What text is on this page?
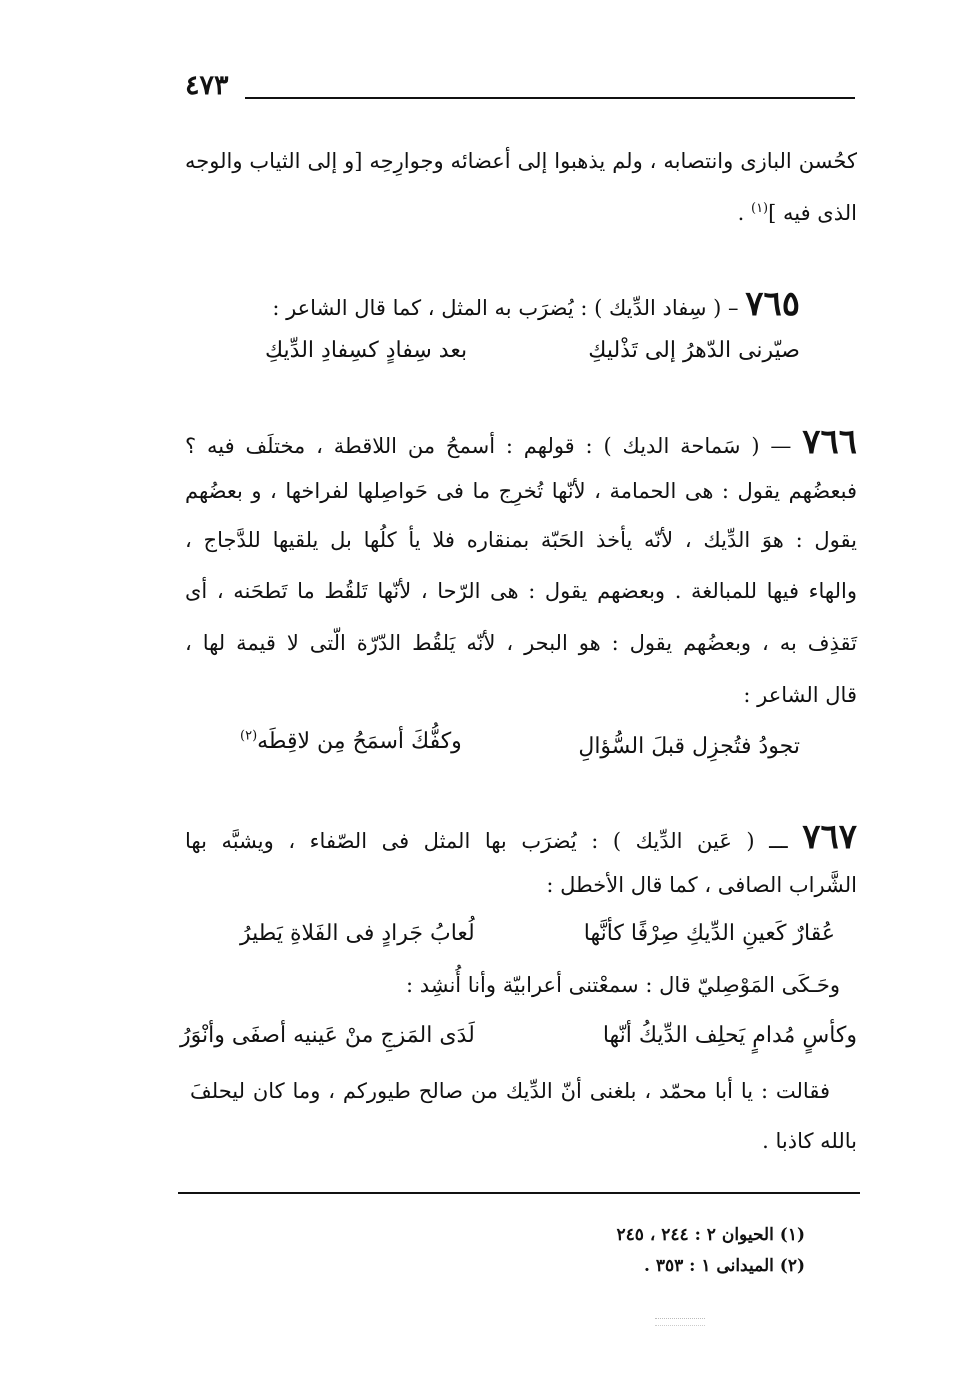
٤٧٣
كحُسن البازى وانتصابه ، ولم يذهبوا إلى أعضائه وجوارِحِه [و إلى الثياب والوجه
الذى فيه ]$^{(١)}$ .
٧٦٥ – ( سِفاد الدِّيك ) : يُضرَب به المثل ، كما قال الشاعر :
صيّرنى الدّهرُ إلى تَذْليكِ
بعد سِفادٍ كسِفادِ الدِّيكِ
٧٦٦ — ( سَماحة الديك ) : قولهم : أسمحُ من اللاقطة ، مختلَف فيه ؟
فبعضُهم يقول : هى الحمامة ، لأنّها تُخرِج ما فى حَواصِلها لفراخها ، و بعضُهم
يقول : هوَ الدِّيك ، لأنّه يأخذ الحَبّة بمنقاره فلا يأ كلُها بل يلقيها للدَّجاج ،
والهاء فيها للمبالغة . وبعضهم يقول : هى الرّحا ، لأنّها تَلقُط ما تَطحَنه ، أى
تَقذِف به ، وبعضُهم يقول : هو البحر ، لأنّه يَلقُط الدّرّة الّتى لا قيمة لها ،
قال الشاعر :
تجودُ فتُجزِل قبلَ السُّؤالِ
وكفُّكَ أسمَحُ مِن لاقِطَه$^{(٢)}$
٧٦٧ ـــ ( عَين الدِّيك ) : يُضرَب بها المثل فى الصّفاء ، ويشبَّه بها
الشَّراب الصافى ، كما قال الأخطل :
عُقارٌ كَعينِ الدِّيكِ صِرْفًا كأنَّها
لُعابُ جَرادٍ فى الفَلاةِ يَطيرُ
وحَـكَى المَوْصِليّ قال : سمعْتنى أعرابيّة وأنا أُنشِد :
وكأسٍ مُدامٍ يَحلِف الدِّيكُ أنّها
لَدَى المَزجِ منْ عَينيه أصفَى وأنْوَرُ
فقالت : يا أبا محمّد ، بلغنى أنّ الدِّيك من صالح طيوركم ، وما كان ليحلفَ
بالله كاذبا .
(١) الحيوان ٢ : ٢٤٤ ، ٢٤٥
(٢) الميدانى ١ : ٣٥٣ .
